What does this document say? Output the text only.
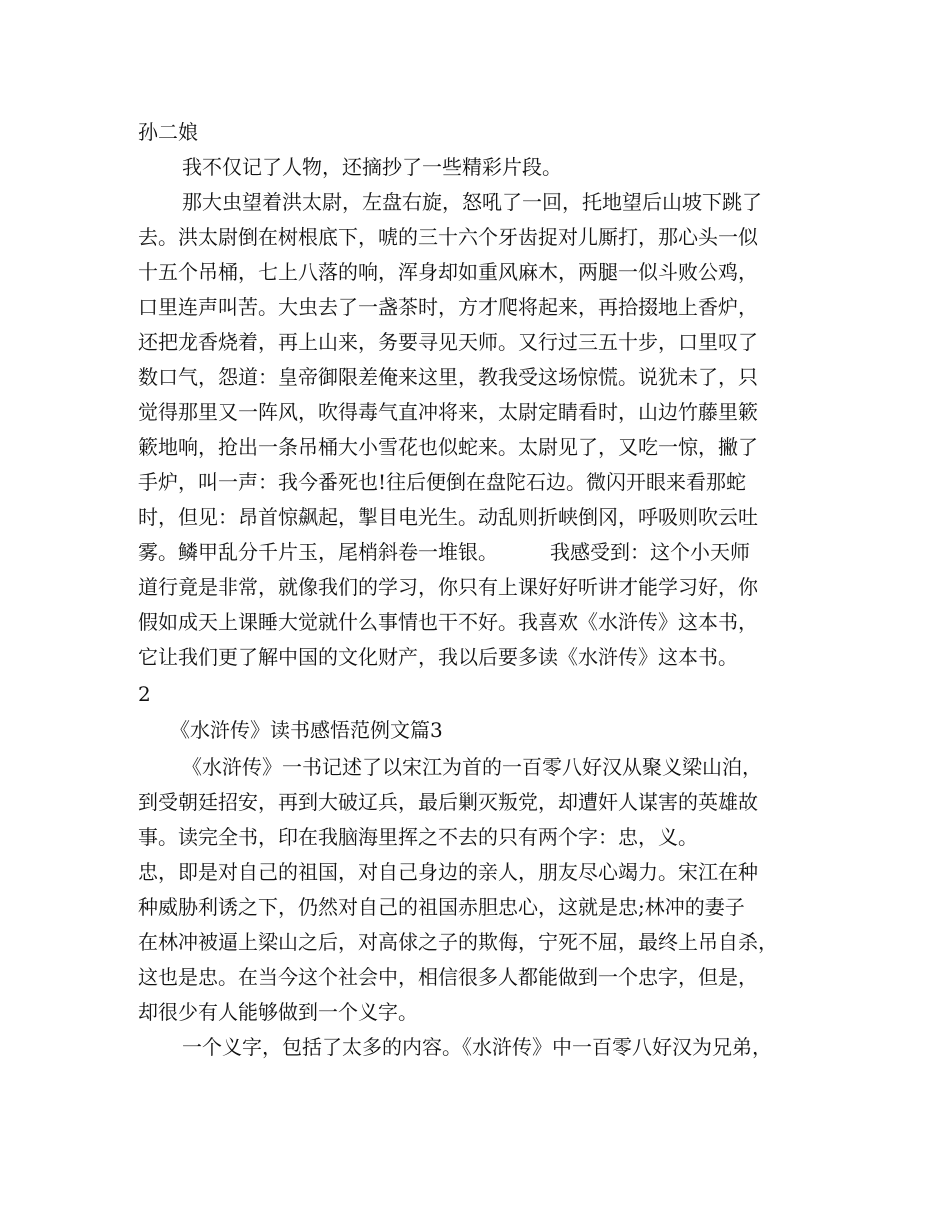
孙二娘
我不仅记了人物，还摘抄了一些精彩片段。
那大虫望着洪太尉，左盘右旋，怒吼了一回，托地望后山坡下跳了
去。洪太尉倒在树根底下，唬的三十六个牙齿捉对儿厮打，那心头一似
十五个吊桶，七上八落的响，浑身却如重风麻木，两腿一似斗败公鸡，
口里连声叫苦。大虫去了一盏茶时，方才爬将起来，再拾掇地上香炉，
还把龙香烧着，再上山来，务要寻见天师。又行过三五十步，口里叹了
数口气，怨道：皇帝御限差俺来这里，教我受这场惊慌。说犹未了，只
觉得那里又一阵风，吹得毒气直冲将来，太尉定睛看时，山边竹藤里簌
簌地响，抢出一条吊桶大小雪花也似蛇来。太尉见了，又吃一惊，撇了
手炉，叫一声：我今番死也!往后便倒在盘陀石边。微闪开眼来看那蛇
时，但见：昂首惊飙起，掣目电光生。动乱则折峡倒冈，呼吸则吹云吐
雾。鳞甲乱分千片玉，尾梢斜卷一堆银。	我感受到：这个小天师
道行竟是非常，就像我们的学习，你只有上课好好听讲才能学习好，你
假如成天上课睡大觉就什么事情也干不好。我喜欢《水浒传》这本书，
它让我们更了解中国的文化财产，我以后要多读《水浒传》这本书。
2
《水浒传》读书感悟范例文篇3
《水浒传》一书记述了以宋江为首的一百零八好汉从聚义梁山泊，
到受朝廷招安，再到大破辽兵，最后剿灭叛党，却遭奸人谋害的英雄故
事。读完全书，印在我脑海里挥之不去的只有两个字：忠，义。
忠，即是对自己的祖国，对自己身边的亲人，朋友尽心竭力。宋江在种
种威胁利诱之下，仍然对自己的祖国赤胆忠心，这就是忠;林冲的妻子
在林冲被逼上梁山之后，对高俅之子的欺侮，宁死不屈，最终上吊自杀，
这也是忠。在当今这个社会中，相信很多人都能做到一个忠字，但是，
却很少有人能够做到一个义字。
一个义字，包括了太多的内容。《水浒传》中一百零八好汉为兄弟，
